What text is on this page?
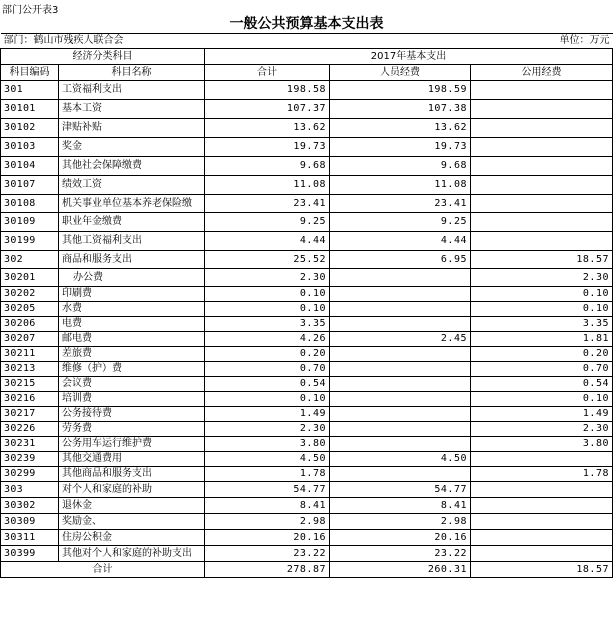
部门公开表3
一般公共预算基本支出表				
部门：鹤山市残疾人联合会				单位：万元
经济分类科目		2017年基本支出		
科目编码	科目名称	合计	人员经费	公用经费
301	工资福利支出	198.58	198.59	
30101	基本工资	107.37	107.38	
30102	津贴补贴	13.62	13.62	
30103	奖金	19.73	19.73	
30104	其他社会保障缴费	9.68	9.68	
30107	绩效工资	11.08	11.08	
30108	机关事业单位基本养老保险缴	23.41	23.41	
30109	职业年金缴费	9.25	9.25	
30199	其他工资福利支出	4.44	4.44	
302	商品和服务支出	25.52	6.95	18.57
30201	办公费	2.30		2.30
30202	印刷费	0.10		0.10
30205	水费	0.10		0.10
30206	电费	3.35		3.35
30207	邮电费	4.26	2.45	1.81
30211	差旅费	0.20		0.20
30213	维修（护）费	0.70		0.70
30215	会议费	0.54		0.54
30216	培训费	0.10		0.10
30217	公务接待费	1.49		1.49
30226	劳务费	2.30		2.30
30231	公务用车运行维护费	3.80		3.80
30239	其他交通费用	4.50	4.50	
30299	其他商品和服务支出	1.78		1.78
303	对个人和家庭的补助	54.77	54.77	
30302	退休金	8.41	8.41	
30309	奖励金、	2.98	2.98	
30311	住房公积金	20.16	20.16	
30399	其他对个人和家庭的补助支出	23.22	23.22	
合计		278.87	260.31	18.57
